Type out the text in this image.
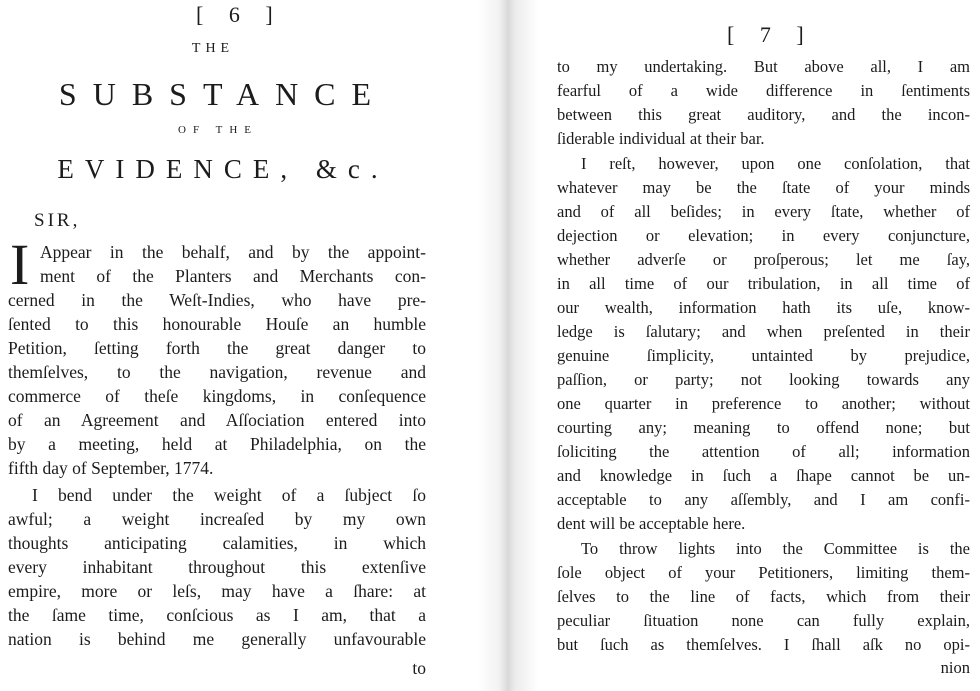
[ 6 ]
THE
SUBSTANCE
OF THE
EVIDENCE, &c.
SIR,
I Appear in the behalf, and by the appoint-
ment of the Planters and Merchants con-
cerned in the Weſt-Indies, who have pre-
ſented to this honourable Houſe an humble
Petition, ſetting forth the great danger to
themſelves, to the navigation, revenue and
commerce of theſe kingdoms, in conſequence
of an Agreement and Aſſociation entered into
by a meeting, held at Philadelphia, on the
fifth day of September, 1774.
I bend under the weight of a ſubject ſo
awful; a weight increaſed by my own
thoughts anticipating calamities, in which
every inhabitant throughout this extenſive
empire, more or leſs, may have a ſhare: at
the ſame time, conſcious as I am, that a
nation is behind me generally unfavourable
to
[ 7 ]
to my undertaking. But above all, I am
fearful of a wide difference in ſentiments
between this great auditory, and the incon-
ſiderable individual at their bar.
I reſt, however, upon one conſolation, that
whatever may be the ſtate of your minds
and of all beſides; in every ſtate, whether of
dejection or elevation; in every conjuncture,
whether adverſe or proſperous; let me ſay,
in all time of our tribulation, in all time of
our wealth, information hath its uſe, know-
ledge is ſalutary; and when preſented in their
genuine ſimplicity, untainted by prejudice,
paſſion, or party; not looking towards any
one quarter in preference to another; without
courting any; meaning to offend none; but
ſoliciting the attention of all; information
and knowledge in ſuch a ſhape cannot be un-
acceptable to any aſſembly, and I am confi-
dent will be acceptable here.
To throw lights into the Committee is the
ſole object of your Petitioners, limiting them-
ſelves to the line of facts, which from their
peculiar ſituation none can fully explain,
but ſuch as themſelves. I ſhall aſk no opi-
nion
